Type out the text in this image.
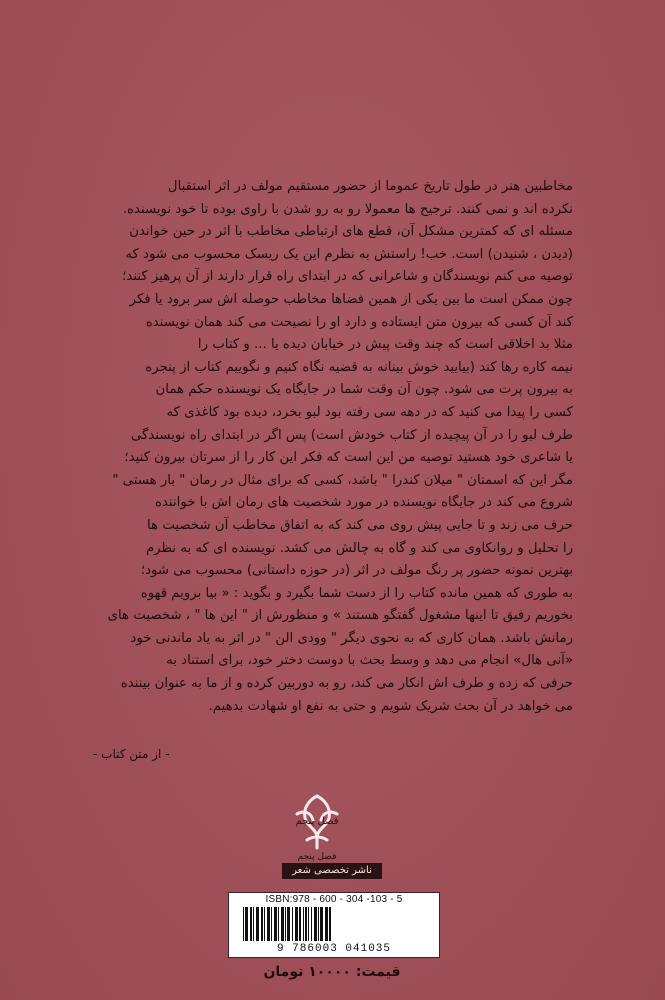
مخاطبین هنر در طول تاریخ عموما از حضور مستقیم مولف در اثر استقبال

نکرده اند و نمی کنند. ترجیح ها معمولا رو به رو شدن با راوی بوده تا خود نویسنده.

مسئله ای که کمترین مشکل آن، قطع های ارتباطی مخاطب با اثر در حین خواندن

(دیدن ، شنیدن) است. خب! راستش به نظرم این یک ریسک محسوب می شود که

توصیه می کنم نویسندگان و شاعرانی که در ابتدای راه قرار دارند از آن پرهیز کنند؛

چون ممکن است ما بین یکی از همین فضاها مخاطب حوصله اش سر برود یا فکر

کند آن کسی که بیرون متن ایستاده و دارد او را نصیحت می کند همان نویسنده

مثلا بد اخلاقی است که چند وقت پیش در خیابان دیده یا ... و کتاب را

نیمه کاره رها کند (بیایید خوش بینانه به قضیه نگاه کنیم و نگوییم کتاب از پنجره

به بیرون پرت می شود. چون آن وقت شما در جایگاه یک نویسنده حکم همان

کسی را پیدا می کنید که در دهه سی رفته بود لبو بخرد، دیده بود کاغذی که

طرف لبو را در آن پیچیده از کتاب خودش است) پس اگر در ابتدای راه نویسندگی

یا شاعری خود هستید توصیه من این است که فکر این کار را از سرتان بیرون کنید؛

مگر این که اسمتان " میلان کندرا " باشد، کسی که برای مثال در رمان " بار هستی "

شروع می کند در جایگاه نویسنده در مورد شخصیت های رمان اش با خواننده

حرف می زند و تا جایی پیش روی می کند که به اتفاق مخاطب آن شخصیت ها

را تحلیل و روانکاوی می کند و گاه به چالش می کشد. نویسنده ای که به نظرم

بهترین نمونه حضور پر رنگ مولف در اثر (در حوزه داستانی) محسوب می شود؛

به طوری که همین مانده کتاب را از دست شما بگیرد و بگوید : « بیا برویم قهوه

بخوریم رفیق تا اینها مشغول گفتگو هستند » و منظورش از " این ها " ، شخصیت های

رمانش باشد. همان کاری که به نحوی دیگر " وودی الن " در اثر به یاد ماندنی خود

«آنی هال» انجام می دهد و وسط بحث با دوست دختر خود، برای استناد به

حرفی که زده و طرف اش انکار می کند، رو به دوربین کرده و از ما به عنوان بیننده

می خواهد در آن بحث شریک شویم و حتی به نفع او شهادت بدهیم.

- از متن کتاب -
فصل پنجم
فصل پنجم
ناشر تخصصی شعر
ISBN:978 - 600 - 304 -103 - 5
9 786003 041035
قیمت: ۱۰۰۰۰ تومان
